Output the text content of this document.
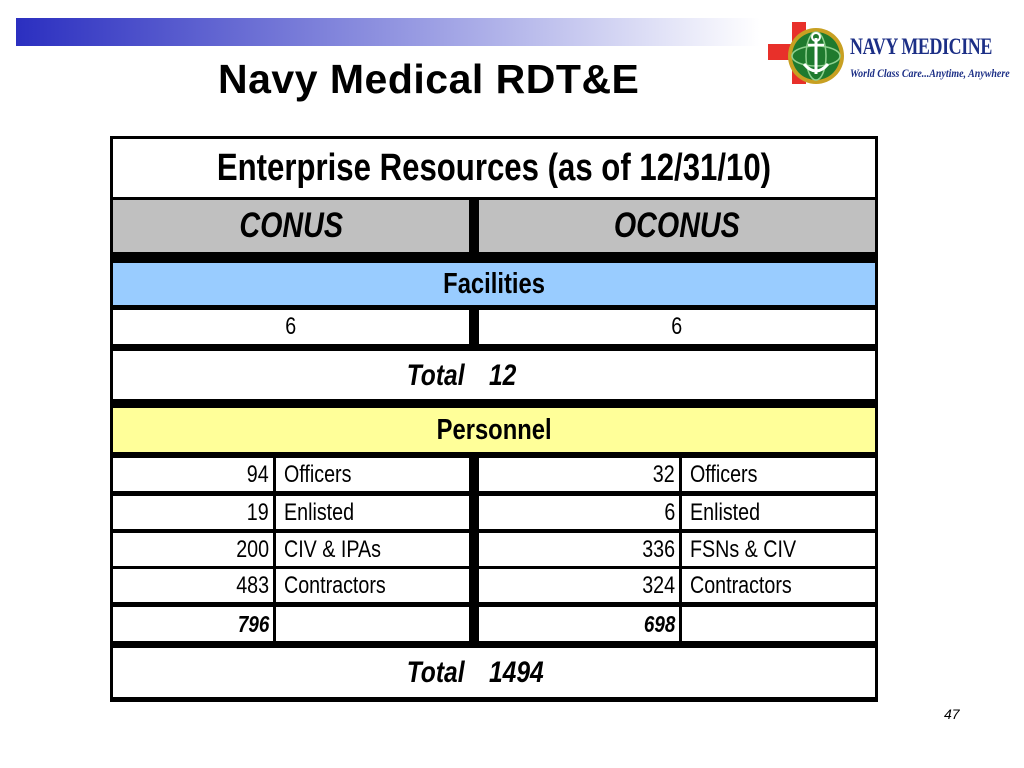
Navy Medical RDT&E
NAVY MEDICINE
World Class Care...Anytime, Anywhere
Enterprise Resources (as of 12/31/10)
CONUS	OCONUS
Facilities
6	6
Total 12
Personnel
94 Officers
19 Enlisted
200 CIV & IPAs
483 Contractors
796
32 Officers
6 Enlisted
336 FSNs & CIV
324 Contractors
698
Total 1494
47
